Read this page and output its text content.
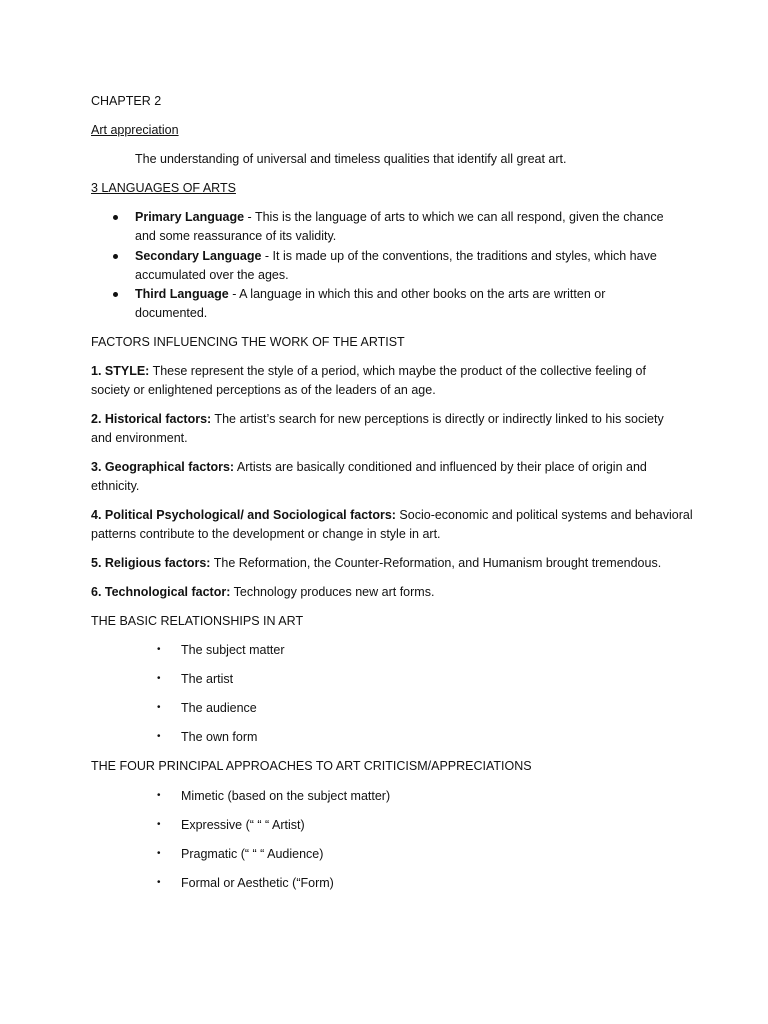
CHAPTER 2
Art appreciation
The understanding of universal and timeless qualities that identify all great art.
3 LANGUAGES OF ARTS
Primary Language - This is the language of arts to which we can all respond, given the chance
and some reassurance of its validity.
Secondary Language - It is made up of the conventions, the traditions and styles, which have
accumulated over the ages.
Third Language - A language in which this and other books on the arts are written or
documented.
FACTORS INFLUENCING THE WORK OF THE ARTIST
1. STYLE: These represent the style of a period, which maybe the product of the collective feeling of
society or enlightened perceptions as of the leaders of an age.
2. Historical factors: The artist’s search for new perceptions is directly or indirectly linked to his society
and environment.
3. Geographical factors: Artists are basically conditioned and influenced by their place of origin and
ethnicity.
4. Political Psychological/ and Sociological factors: Socio-economic and political systems and behavioral
patterns contribute to the development or change in style in art.
5. Religious factors: The Reformation, the Counter-Reformation, and Humanism brought tremendous.
6. Technological factor: Technology produces new art forms.
THE BASIC RELATIONSHIPS IN ART
• The subject matter
• The artist
• The audience
• The own form
THE FOUR PRINCIPAL APPROACHES TO ART CRITICISM/APPRECIATIONS
• Mimetic (based on the subject matter)
• Expressive (“ “ “ Artist)
• Pragmatic (“ “ “ Audience)
• Formal or Aesthetic (“Form)
